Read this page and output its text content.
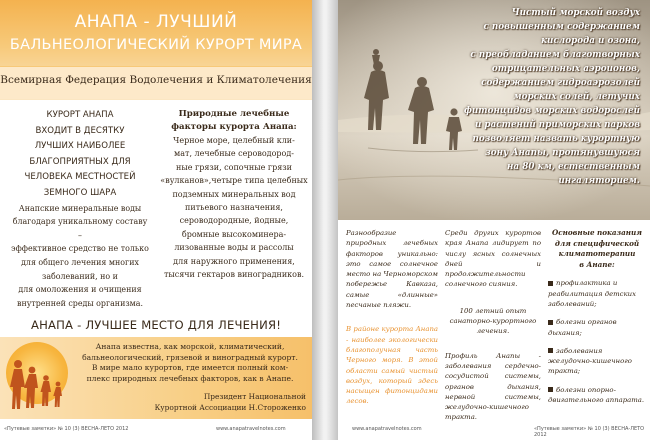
АНАПА - ЛУЧШИЙ
БАЛЬНЕОЛОГИЧЕСКИЙ КУРОРТ МИРА
Всемирная Федерация Водолечения и Климатолечения
КУРОРТ АНАПА
ВХОДИТ В ДЕСЯТКУ
ЛУЧШИХ НАИБОЛЕЕ
БЛАГОПРИЯТНЫХ ДЛЯ
ЧЕЛОВЕКА МЕСТНОСТЕЙ
ЗЕМНОГО ШАРА
Анапские минеральные воды
благодаря уникальному составу –
эффективное средство не только
для общего лечения многих
заболеваний, но и
для омоложения и очищения
внутренней среды организма.
Природные лечебные
факторы курорта Анапа:
Черное море, целебный кли-
мат, лечебные сероводород-
ные грязи, сопочные грязи
«вулканов»,четыре типа целебных
подземных минеральных вод
питьевого назначения,
сероводородные, йодные,
бромные высокоминера-
лизованные воды и рассолы
для наружного применения,
тысячи гектаров виноградников.
АНАПА - ЛУЧШЕЕ МЕСТО ДЛЯ ЛЕЧЕНИЯ!
Анапа известна, как морской, климатический,
бальнеологический, грязевой и виноградный курорт.
В мире мало курортов, где имеется полный ком-
плекс природных лечебных факторов, как в Анапе.
Президент Национальной
Курортной Ассоциации Н.Стороженко
«Путевые заметки» № 10 (3) ВЕСНА-ЛЕТО 2012	www.anapatravelnotes.com
Чистый морской воздух
с повышенным содержанием
кислорода и озона,
с преобладанием благотворных
отрицательных аэроионов,
содержанием гидроаэрозолей
морских солей, летучих
фитонцидов морских водорослей
и растений приморских парков
позволяет назвать курортную
зону Анапы, протянувшуюся
на 80 км, естественным
ингаляторием.
Разнообразие природных лечебных факторов уникально: это самое солнечное место на Черноморском побережье Кавказа, самые «длинные» песчаные пляжи.
В районе курорта Анапа - наиболее экологически благополучная часть Черного моря. В этой области самый чистый воздух, который здесь насыщен фитонцидами лесов.
Среди других курортов края Анапа лидирует по числу ясных солнечных дней и продолжительности солнечного сияния.
100 летний опыт санаторно-курортного лечения.
Профиль Анапы - заболевания сердечно-сосудистой системы, органов дыхания, нервной системы, желудочно-кишечного тракта.
Основные показания
для специфической
климатотерапии
в Анапе:
профилактика и реабилитация детских заболеваний;
болезни органов дыхания;
заболевания желудочно-кишечного тракта;
болезни опорно-двигательного аппарата.
www.anapatravelnotes.com	«Путевые заметки» № 10 (3) ВЕСНА-ЛЕТО 2012
